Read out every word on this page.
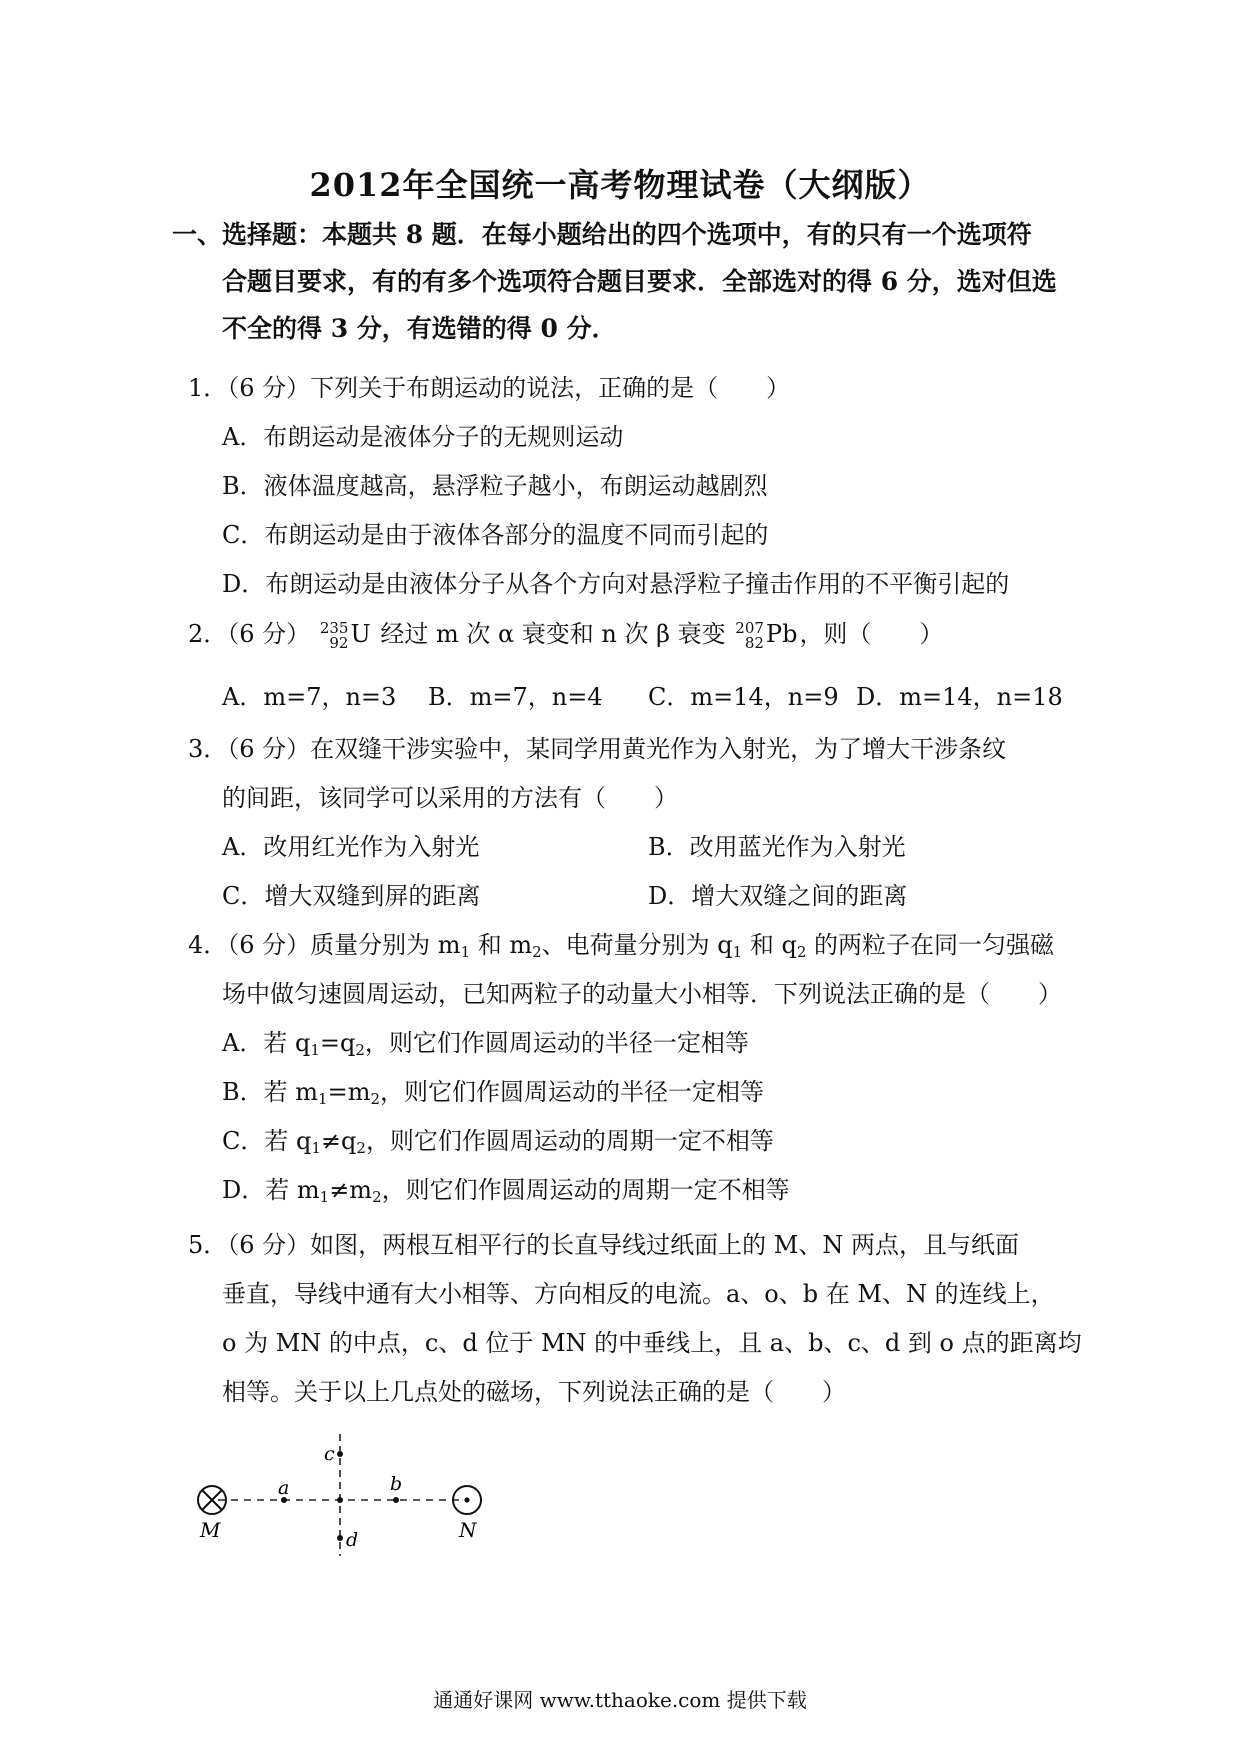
2012年全国统一高考物理试卷（大纲版）
一、选择题：本题共 8 题．在每小题给出的四个选项中，有的只有一个选项符
合题目要求，有的有多个选项符合题目要求．全部选对的得 6 分，选对但选
不全的得 3 分，有选错的得 0 分．
1．（6 分）下列关于布朗运动的说法，正确的是（　　）
A．布朗运动是液体分子的无规则运动
B．液体温度越高，悬浮粒子越小，布朗运动越剧烈
C．布朗运动是由于液体各部分的温度不同而引起的
D．布朗运动是由液体分子从各个方向对悬浮粒子撞击作用的不平衡引起的
2．（6 分） 235
92 U 经过 m 次 α 衰变和 n 次 β 衰变 207
82 Pb，则（　　）
A．m=7，n=3 B．m=7，n=4 C．m=14，n=9 D．m=14，n=18
3．（6 分）在双缝干涉实验中，某同学用黄光作为入射光，为了增大干涉条纹
的间距，该同学可以采用的方法有（　　）
A．改用红光作为入射光	B．改用蓝光作为入射光
C．增大双缝到屏的距离	D．增大双缝之间的距离
4．（6 分）质量分别为 $m_1$ 和 $m_2$、电荷量分别为 $q_1$ 和 $q_2$ 的两粒子在同一匀强磁
场中做匀速圆周运动，已知两粒子的动量大小相等．下列说法正确的是（　　）
A．若 $q_1=q_2$，则它们作圆周运动的半径一定相等
B．若 $m_1=m_2$，则它们作圆周运动的半径一定相等
C．若 $q_1\ne q_2$，则它们作圆周运动的周期一定不相等
D．若 $m_1\ne m_2$，则它们作圆周运动的周期一定不相等
5．（6 分）如图，两根互相平行的长直导线过纸面上的 M、N 两点，且与纸面
垂直，导线中通有大小相等、方向相反的电流。a、o、b 在 M、N 的连线上，
o 为 MN 的中点，c、d 位于 MN 的中垂线上，且 a、b、c、d 到 o 点的距离均
相等。关于以上几点处的磁场，下列说法正确的是（　　）
M	N
a	b
c
d
通通好课网 www.tthaoke.com 提供下载
